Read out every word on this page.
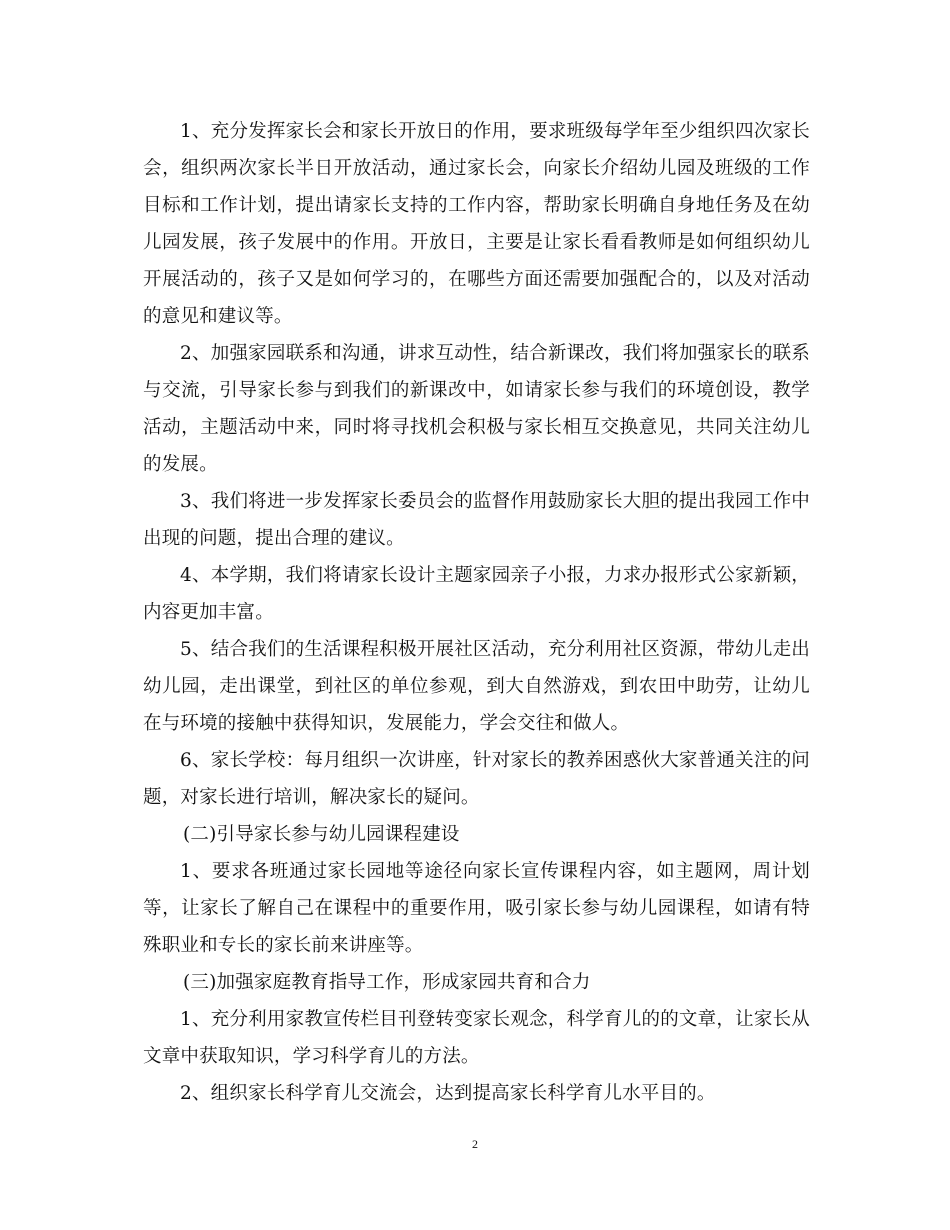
1、充分发挥家长会和家长开放日的作用，要求班级每学年至少组织四次家长会，组织两次家长半日开放活动，通过家长会，向家长介绍幼儿园及班级的工作目标和工作计划，提出请家长支持的工作内容，帮助家长明确自身地任务及在幼儿园发展，孩子发展中的作用。开放日，主要是让家长看看教师是如何组织幼儿开展活动的，孩子又是如何学习的，在哪些方面还需要加强配合的，以及对活动的意见和建议等。

2、加强家园联系和沟通，讲求互动性，结合新课改，我们将加强家长的联系与交流，引导家长参与到我们的新课改中，如请家长参与我们的环境创设，教学活动，主题活动中来，同时将寻找机会积极与家长相互交换意见，共同关注幼儿的发展。

3、我们将进一步发挥家长委员会的监督作用鼓励家长大胆的提出我园工作中出现的问题，提出合理的建议。

4、本学期，我们将请家长设计主题家园亲子小报，力求办报形式公家新颖，内容更加丰富。

5、结合我们的生活课程积极开展社区活动，充分利用社区资源，带幼儿走出幼儿园，走出课堂，到社区的单位参观，到大自然游戏，到农田中助劳，让幼儿在与环境的接触中获得知识，发展能力，学会交往和做人。

6、家长学校：每月组织一次讲座，针对家长的教养困惑伙大家普通关注的问题，对家长进行培训，解决家长的疑问。

(二)引导家长参与幼儿园课程建设

1、要求各班通过家长园地等途径向家长宣传课程内容，如主题网，周计划等，让家长了解自己在课程中的重要作用，吸引家长参与幼儿园课程，如请有特殊职业和专长的家长前来讲座等。

(三)加强家庭教育指导工作，形成家园共育和合力

1、充分利用家教宣传栏目刊登转变家长观念，科学育儿的的文章，让家长从文章中获取知识，学习科学育儿的方法。

2、组织家长科学育儿交流会，达到提高家长科学育儿水平目的。

2
